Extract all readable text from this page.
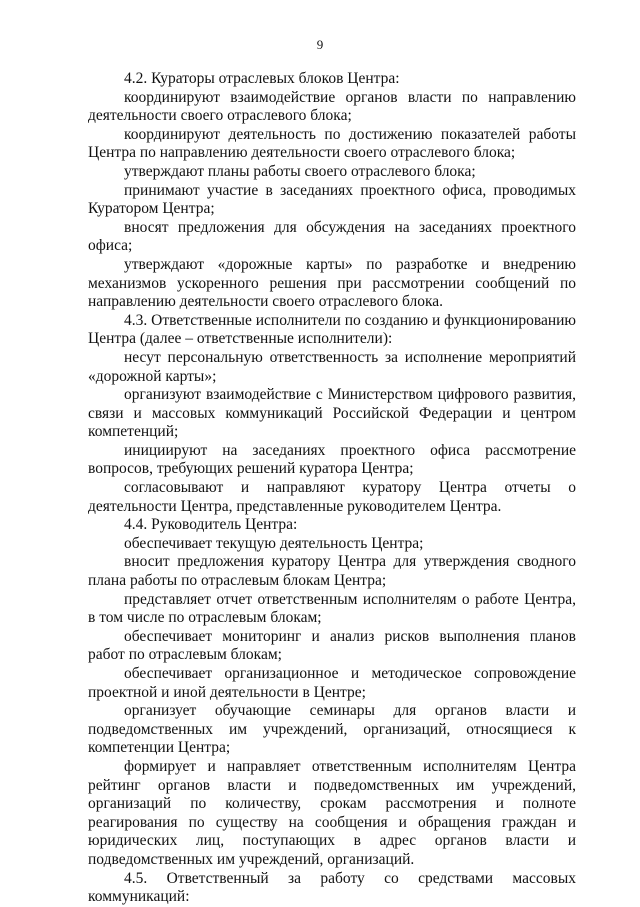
9

4.2. Кураторы отраслевых блоков Центра:

координируют взаимодействие органов власти по направлению деятельности своего отраслевого блока;

координируют деятельность по достижению показателей работы Центра по направлению деятельности своего отраслевого блока;

утверждают планы работы своего отраслевого блока;

принимают участие в заседаниях проектного офиса, проводимых Куратором Центра;

вносят предложения для обсуждения на заседаниях проектного офиса;

утверждают «дорожные карты» по разработке и внедрению механизмов ускоренного решения при рассмотрении сообщений по направлению деятельности своего отраслевого блока.

4.3. Ответственные исполнители по созданию и функционированию Центра (далее – ответственные исполнители):

несут персональную ответственность за исполнение мероприятий «дорожной карты»;

организуют взаимодействие с Министерством цифрового развития, связи и массовых коммуникаций Российской Федерации и центром компетенций;

инициируют на заседаниях проектного офиса рассмотрение вопросов, требующих решений куратора Центра;

согласовывают и направляют куратору Центра отчеты о деятельности Центра, представленные руководителем Центра.

4.4. Руководитель Центра:

обеспечивает текущую деятельность Центра;

вносит предложения куратору Центра для утверждения сводного плана работы по отраслевым блокам Центра;

представляет отчет ответственным исполнителям о работе Центра, в том числе по отраслевым блокам;

обеспечивает мониторинг и анализ рисков выполнения планов работ по отраслевым блокам;

обеспечивает организационное и методическое сопровождение проектной и иной деятельности в Центре;

организует обучающие семинары для органов власти и подведомственных им учреждений, организаций, относящиеся к компетенции Центра;

формирует и направляет ответственным исполнителям Центра рейтинг органов власти и подведомственных им учреждений, организаций по количеству, срокам рассмотрения и полноте реагирования по существу на сообщения и обращения граждан и юридических лиц, поступающих в адрес органов власти и подведомственных им учреждений, организаций.

4.5. Ответственный за работу со средствами массовых коммуникаций:
